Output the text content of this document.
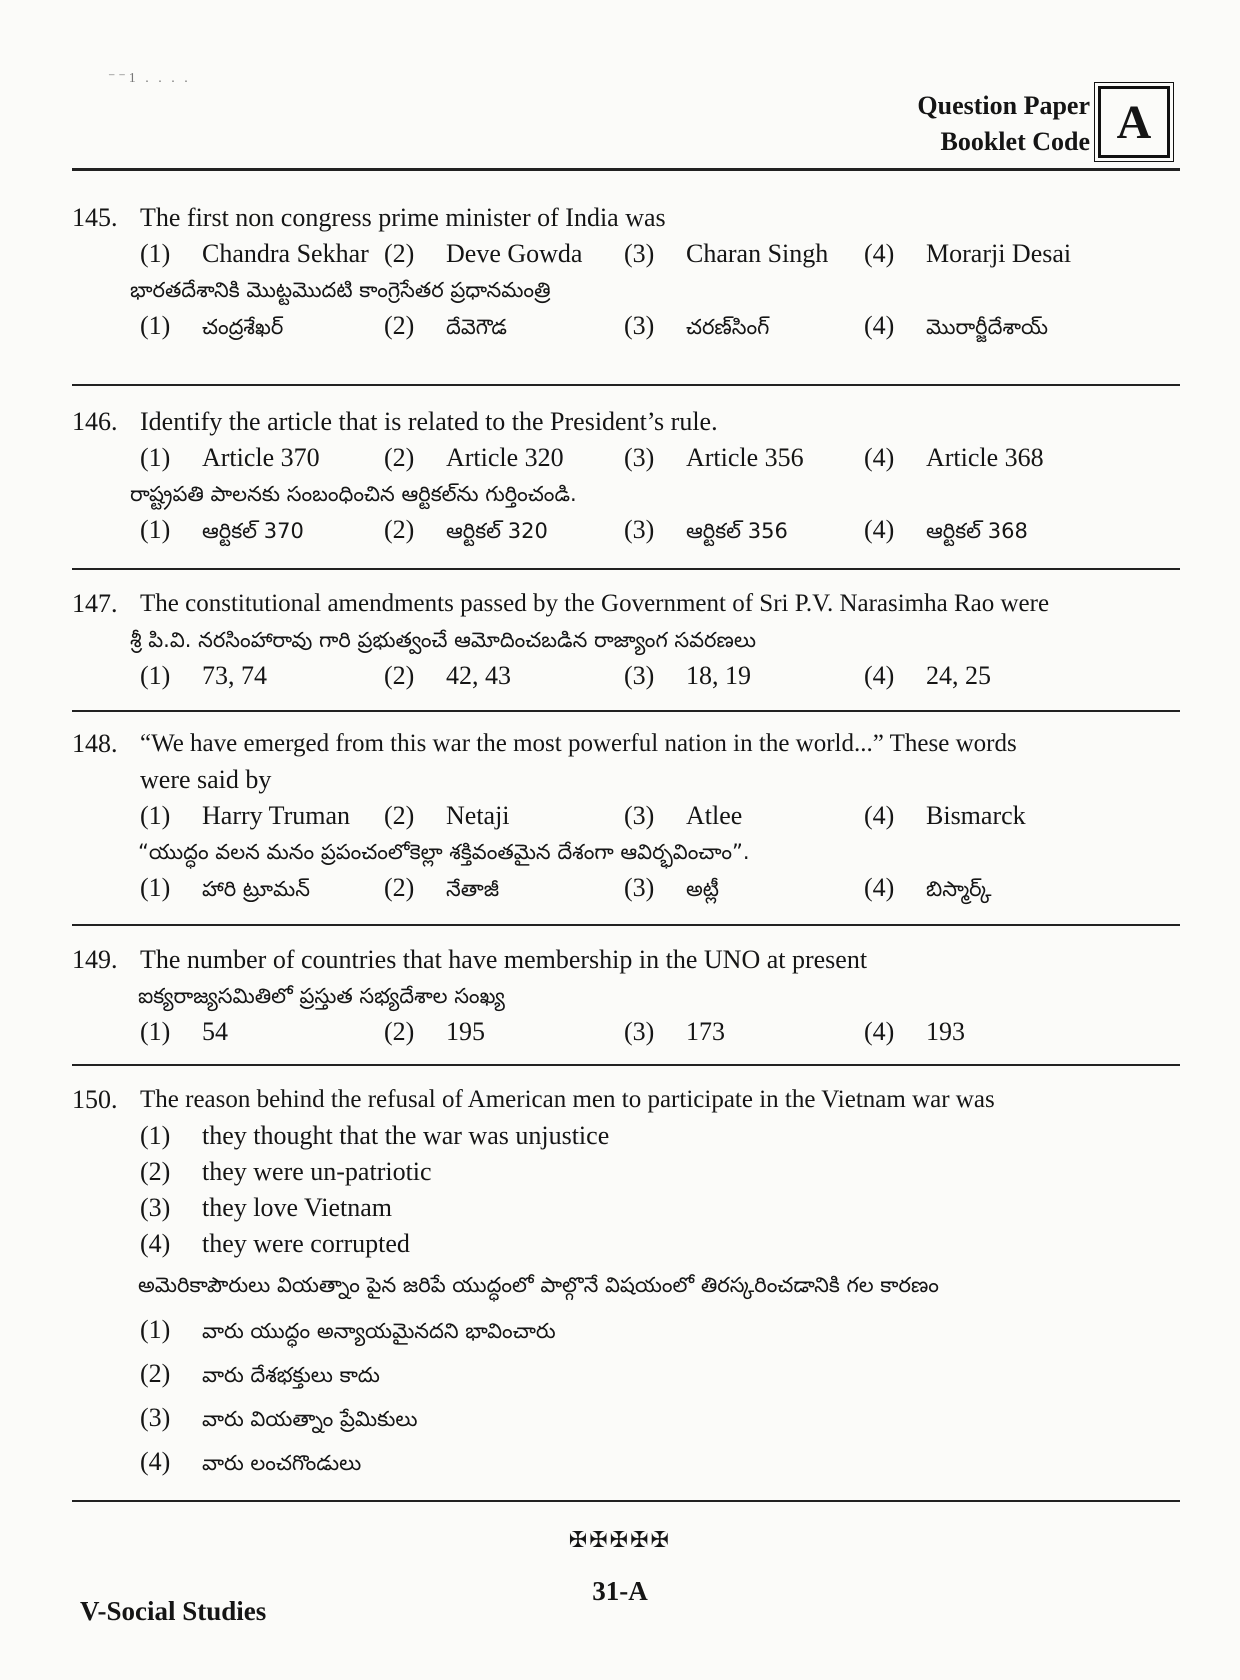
⁻⁻1 . . . .
Question Paper
Booklet Code A
145. The first non congress prime minister of India was
(1) Chandra Sekhar (2) Deve Gowda (3) Charan Singh (4) Morarji Desai
భారతదేశానికి మొట్టమొదటి కాంగ్రెసేతర ప్రధానమంత్రి
(1) చంద్రశేఖర్	(2) దేవెగౌడ	(3) చరణ్‌సింగ్	(4) మొరార్జీదేశాయ్
146. Identify the article that is related to the President’s rule.
(1) Article 370 (2) Article 320 (3) Article 356 (4) Article 368
రాష్ట్రపతి పాలనకు సంబంధించిన ఆర్టికల్‌ను గుర్తించండి.
(1) ఆర్టికల్ 370	(2) ఆర్టికల్ 320	(3) ఆర్టికల్ 356	(4) ఆర్టికల్ 368
147. The constitutional amendments passed by the Government of Sri P.V. Narasimha Rao were
శ్రీ పి.వి. నరసింహారావు గారి ప్రభుత్వంచే ఆమోదించబడిన రాజ్యాంగ సవరణలు
(1) 73, 74	(2) 42, 43	(3) 18, 19	(4) 24, 25
148. “We have emerged from this war the most powerful nation in the world...” These words
were said by
(1) Harry Truman (2) Netaji	(3) Atlee	(4) Bismarck
“యుద్ధం వలన మనం ప్రపంచంలోకెల్లా శక్తివంతమైన దేశంగా ఆవిర్భవించాం”.
(1) హారి ట్రూమన్	(2) నేతాజీ	(3) అట్లీ	(4) బిస్మార్క్
149. The number of countries that have membership in the UNO at present
ఐక్యరాజ్యసమితిలో ప్రస్తుత సభ్యదేశాల సంఖ్య
(1) 54	(2) 195	(3) 173	(4) 193
150. The reason behind the refusal of American men to participate in the Vietnam war was
(1) they thought that the war was unjustice
(2) they were un-patriotic
(3) they love Vietnam
(4) they were corrupted
అమెరికాపౌరులు వియత్నాం పైన జరిపే యుద్ధంలో పాల్గొనే విషయంలో తిరస్కరించడానికి గల కారణం
(1) వారు యుద్ధం అన్యాయమైనదని భావించారు
(2) వారు దేశభక్తులు కాదు
(3) వారు వియత్నాం ప్రేమికులు
(4) వారు లంచగొండులు
✠✠✠✠✠
31-A
V-Social Studies
